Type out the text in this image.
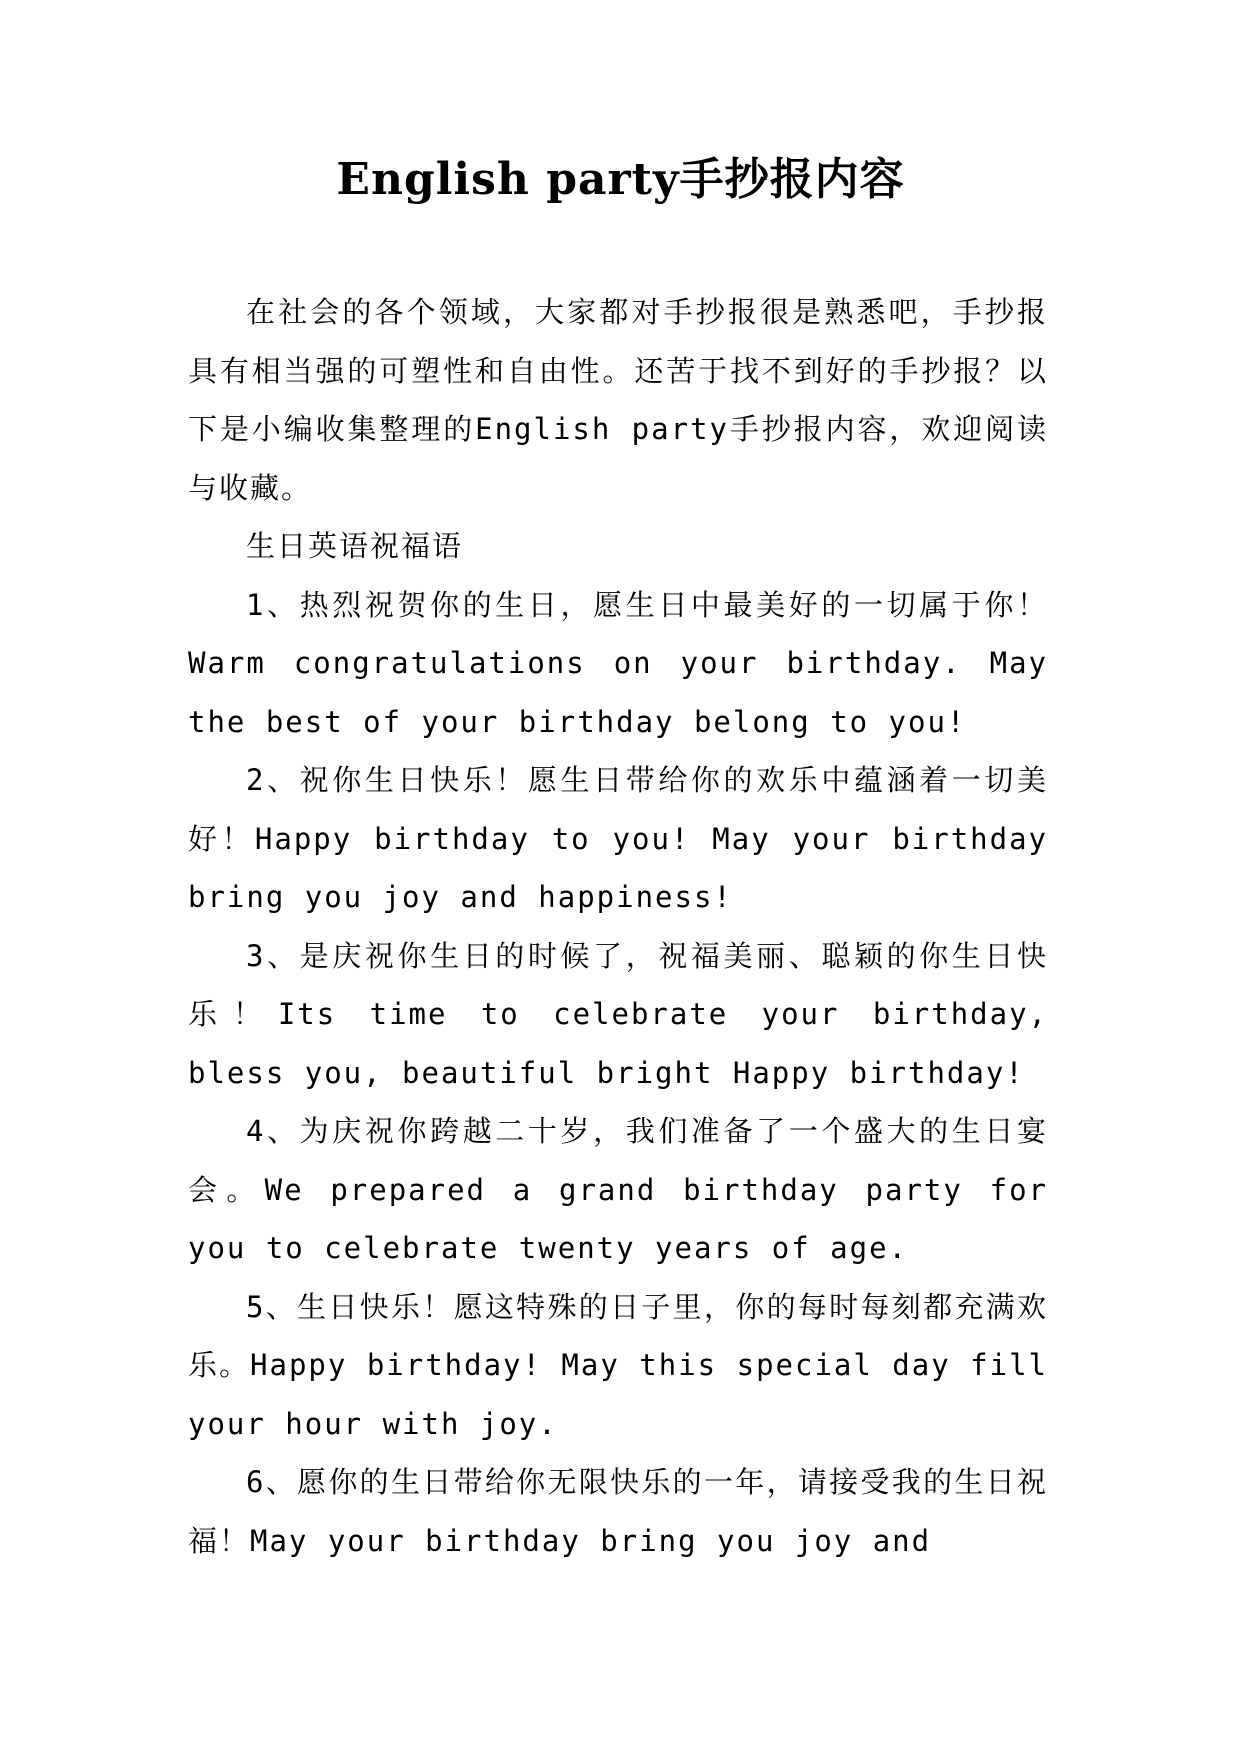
English party手抄报内容

在社会的各个领域，大家都对手抄报很是熟悉吧，手抄报具有相当强的可塑性和自由性。还苦于找不到好的手抄报？以下是小编收集整理的English party手抄报内容，欢迎阅读与收藏。

生日英语祝福语

1、热烈祝贺你的生日，愿生日中最美好的一切属于你！Warm congratulations on your birthday. May the best of your birthday belong to you!

2、祝你生日快乐！愿生日带给你的欢乐中蕴涵着一切美好！Happy birthday to you! May your birthday bring you joy and happiness!

3、是庆祝你生日的时候了，祝福美丽、聪颖的你生日快乐！Its time to celebrate your birthday, bless you, beautiful bright Happy birthday!

4、为庆祝你跨越二十岁，我们准备了一个盛大的生日宴会。We prepared a grand birthday party for you to celebrate twenty years of age.

5、生日快乐！愿这特殊的日子里，你的每时每刻都充满欢乐。Happy birthday! May this special day fill your hour with joy.

6、愿你的生日带给你无限快乐的一年，请接受我的生日祝福！May your birthday bring you joy and
